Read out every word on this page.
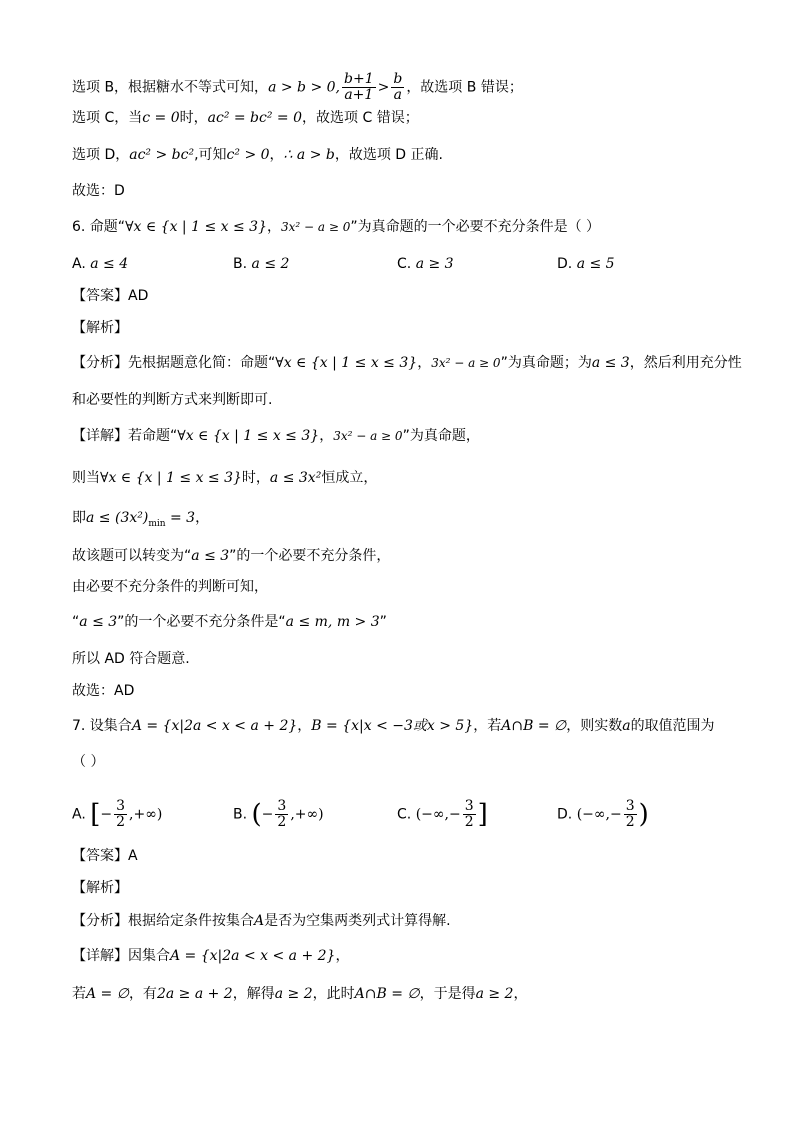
选项 B，根据糖水不等式可知，a > b > 0, $\frac{b+1}{a+1} > \frac{b}{a}$ ，故选项 B 错误；
选项 C，当c = 0时，ac² = bc² = 0，故选项 C 错误；
选项 D，ac² > bc²,可知c² > 0，∴ a > b，故选项 D 正确.
故选：D
6. 命题“∀x ∈ {x | 1 ≤ x ≤ 3}，3x² − a ≥ 0”为真命题的一个必要不充分条件是（ ）
A. a ≤ 4	B. a ≤ 2	C. a ≥ 3	D. a ≤ 5
【答案】AD
【解析】
【分析】先根据题意化简：命题“∀x ∈ {x | 1 ≤ x ≤ 3}，3x² − a ≥ 0”为真命题；为a ≤ 3，然后利用充分性
和必要性的判断方式来判断即可.
【详解】若命题“∀x ∈ {x | 1 ≤ x ≤ 3}，3x² − a ≥ 0”为真命题，
则当∀x ∈ {x | 1 ≤ x ≤ 3}时，a ≤ 3x²恒成立，
即$a \le (3x^2)_{min} = 3$，
故该题可以转变为“a ≤ 3”的一个必要不充分条件，
由必要不充分条件的判断可知，
“a ≤ 3”的一个必要不充分条件是“a ≤ m, m > 3”
所以 AD 符合题意.
故选：AD
7. 设集合A = {x|2a < x < a + 2}，B = {x|x < −3或x > 5}，若A∩B = ∅，则实数a的取值范围为
（ ）
A. [− $\frac{3}{2}$ ,+∞)	B. (− $\frac{3}{2}$ ,+∞)	C. (−∞,− $\frac{3}{2}$ ]	D. (−∞,− $\frac{3}{2}$ )
【答案】A
【解析】
【分析】根据给定条件按集合A是否为空集两类列式计算得解.
【详解】因集合A = {x|2a < x < a + 2}，
若A = ∅，有2a ≥ a + 2，解得a ≥ 2，此时A∩B = ∅，于是得a ≥ 2，
